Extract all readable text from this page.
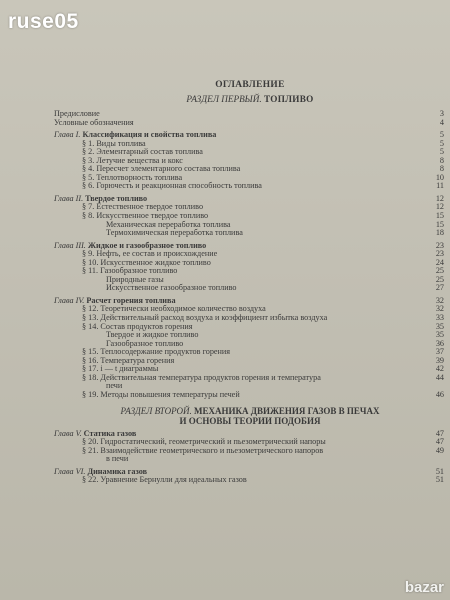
ruse05
ОГЛАВЛЕНИЕ
РАЗДЕЛ ПЕРВЫЙ. ТОПЛИВО
Предисловие	3
Условные обозначения	4
Глава I. Классификация и свойства топлива	5
§ 1. Виды топлива	5
§ 2. Элементарный состав топлива	5
§ 3. Летучие вещества и кокс	8
§ 4. Пересчет элементарного состава топлива	8
§ 5. Теплотворность топлива	10
§ 6. Горючесть и реакционная способность топлива	11
Глава II. Твердое топливо	12
§ 7. Естественное твердое топливо	12
§ 8. Искусственное твердое топливо	15
Механическая переработка топлива	15
Термохимическая переработка топлива	18
Глава III. Жидкое и газообразное топливо	23
§ 9. Нефть, ее состав и происхождение	23
§ 10. Искусственное жидкое топливо	24
§ 11. Газообразное топливо	25
Природные газы	25
Искусственное газообразное топливо	27
Глава IV. Расчет горения топлива	32
§ 12. Теоретически необходимое количество воздуха	32
§ 13. Действительный расход воздуха и коэффициент избытка воздуха	33
§ 14. Состав продуктов горения	35
Твердое и жидкое топливо	35
Газообразное топливо	36
§ 15. Теплосодержание продуктов горения	37
§ 16. Температура горения	39
§ 17. i — t диаграммы	42
§ 18. Действительная температура продуктов горения и температура	44
печи
§ 19. Методы повышения температуры печей	46
РАЗДЕЛ ВТОРОЙ. МЕХАНИКА ДВИЖЕНИЯ ГАЗОВ В ПЕЧАХ
И ОСНОВЫ ТЕОРИИ ПОДОБИЯ
Глава V. Статика газов	47
§ 20. Гидростатический, геометрический и пьезометрический напоры	47
§ 21. Взаимодействие геометрического и пьезометрического напоров	49
в печи
Глава VI. Динамика газов	51
§ 22. Уравнение Бернулли для идеальных газов	51
bazar
